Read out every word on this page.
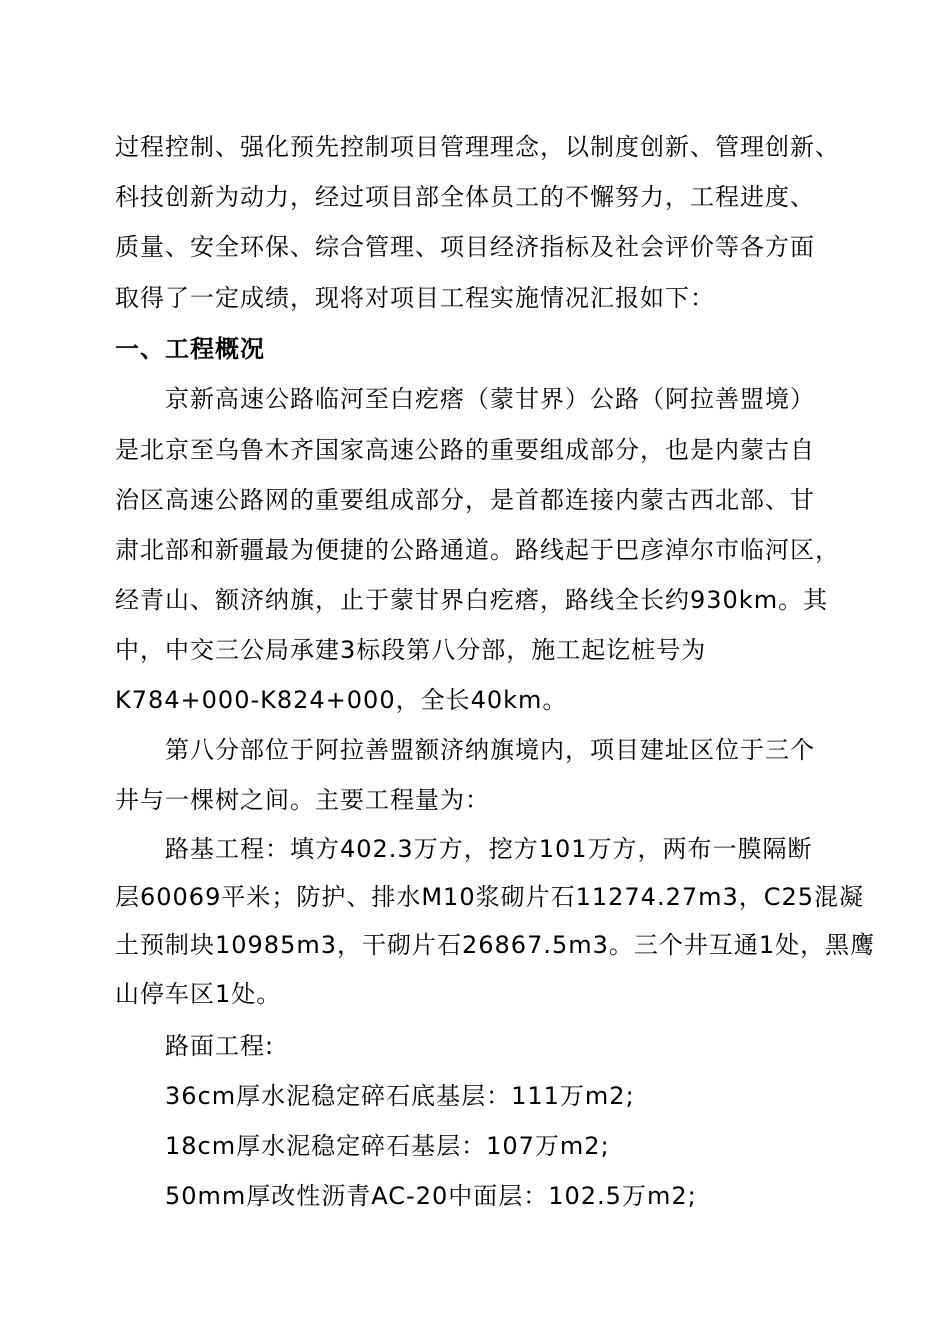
过程控制、强化预先控制项目管理理念，以制度创新、管理创新、
科技创新为动力，经过项目部全体员工的不懈努力，工程进度、
质量、安全环保、综合管理、项目经济指标及社会评价等各方面
取得了一定成绩，现将对项目工程实施情况汇报如下：
一、工程概况
京新高速公路临河至白疙瘩（蒙甘界）公路（阿拉善盟境）
是北京至乌鲁木齐国家高速公路的重要组成部分，也是内蒙古自
治区高速公路网的重要组成部分，是首都连接内蒙古西北部、甘
肃北部和新疆最为便捷的公路通道。路线起于巴彦淖尔市临河区，
经青山、额济纳旗，止于蒙甘界白疙瘩，路线全长约930km。其
中，中交三公局承建3标段第八分部，施工起讫桩号为
K784+000-K824+000，全长40km。
第八分部位于阿拉善盟额济纳旗境内，项目建址区位于三个
井与一棵树之间。主要工程量为：
路基工程：填方402.3万方，挖方101万方，两布一膜隔断
层60069平米；防护、排水M10浆砌片石11274.27m3，C25混凝
土预制块10985m3，干砌片石26867.5m3。三个井互通1处，黑鹰
山停车区1处。
路面工程:
36cm厚水泥稳定碎石底基层：111万m2;
18cm厚水泥稳定碎石基层：107万m2;
50mm厚改性沥青AC-20中面层：102.5万m2;
